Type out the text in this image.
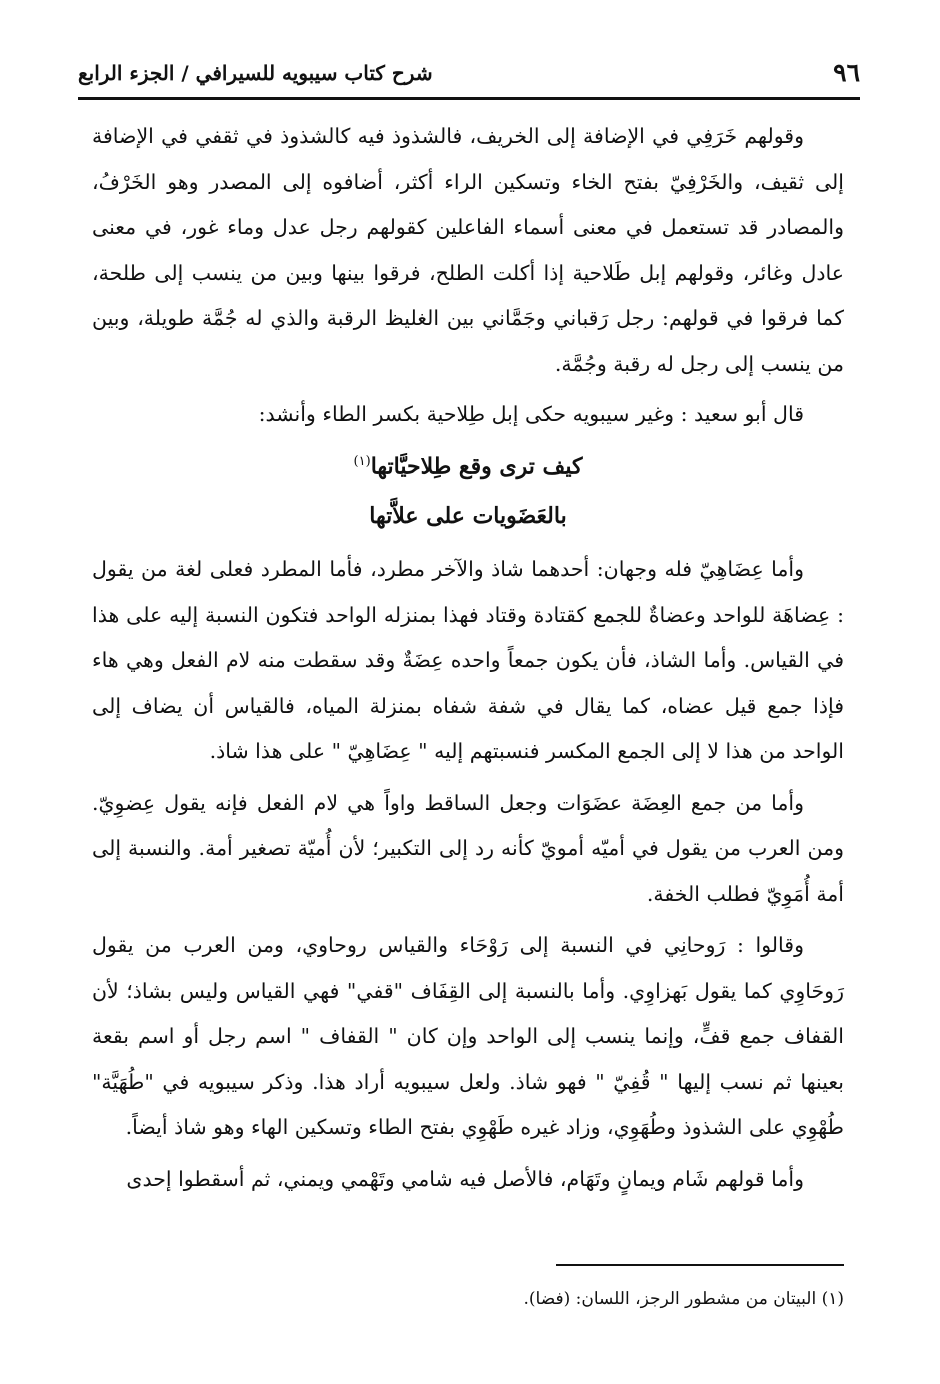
٩٦
شرح كتاب سيبويه للسيرافي / الجزء الرابع

وقولهم خَرَفِي في الإضافة إلى الخريف، فالشذوذ فيه كالشذوذ في ثقفي في الإضافة إلى ثقيف، والخَرْفِيّ بفتح الخاء وتسكين الراء أكثر، أضافوه إلى المصدر وهو الخَرْفُ، والمصادر قد تستعمل في معنى أسماء الفاعلين كقولهم رجل عدل وماء غور، في معنى عادل وغائر، وقولهم إبل طَلاحية إذا أكلت الطلح، فرقوا بينها وبين من ينسب إلى طلحة، كما فرقوا في قولهم: رجل رَقباني وجَمَّاني بين الغليظ الرقبة والذي له جُمَّة طويلة، وبين من ينسب إلى رجل له رقبة وجُمَّة.

قال أبو سعيد : وغير سيبويه حكى إبل طِلاحية بكسر الطاء وأنشد:

كيف ترى وقع طِلاحيَّاتها$^{(١)}$

بالعَضَويات على علاَّتها

وأما عِضَاهِيّ فله وجهان: أحدهما شاذ والآخر مطرد، فأما المطرد فعلى لغة من يقول : عِضاهَة للواحد وعضاةٌ للجمع كقتادة وقتاد فهذا بمنزله الواحد فتكون النسبة إليه على هذا في القياس. وأما الشاذ، فأن يكون جمعاً واحده عِضَةٌ وقد سقطت منه لام الفعل وهي هاء فإذا جمع قيل عضاه، كما يقال في شفة شفاه بمنزلة المياه، فالقياس أن يضاف إلى الواحد من هذا لا إلى الجمع المكسر فنسبتهم إليه " عِضَاهِيّ " على هذا شاذ.

وأما من جمع العِضَة عضَوَات وجعل الساقط واواً هي لام الفعل فإنه يقول عِضوِيّ. ومن العرب من يقول في أميّه أمويّ كأنه رد إلى التكبير؛ لأن أُميّة تصغير أمة. والنسبة إلى أمة أُمَوِيّ فطلب الخفة.

وقالوا : رَوحانِي في النسبة إلى رَوْحَاء والقياس روحاوي، ومن العرب من يقول رَوحَاوِي كما يقول بَهزاوِي. وأما بالنسبة إلى القِفَاف "قفي" فهي القياس وليس بشاذ؛ لأن القفاف جمع قفٍّ، وإنما ينسب إلى الواحد وإن كان " القفاف " اسم رجل أو اسم بقعة بعينها ثم نسب إليها " قُفِيّ " فهو شاذ. ولعل سيبويه أراد هذا. وذكر سيبويه في "طُهَيَّة" طُهْوِي على الشذوذ وطُهَوِي، وزاد غيره طَهْوِي بفتح الطاء وتسكين الهاء وهو شاذ أيضاً.

وأما قولهم شَام ويمانٍ وتَهَام، فالأصل فيه شامي وتَهْمي ويمني، ثم أسقطوا إحدى

(١) البيتان من مشطور الرجز، اللسان: (فضا).
